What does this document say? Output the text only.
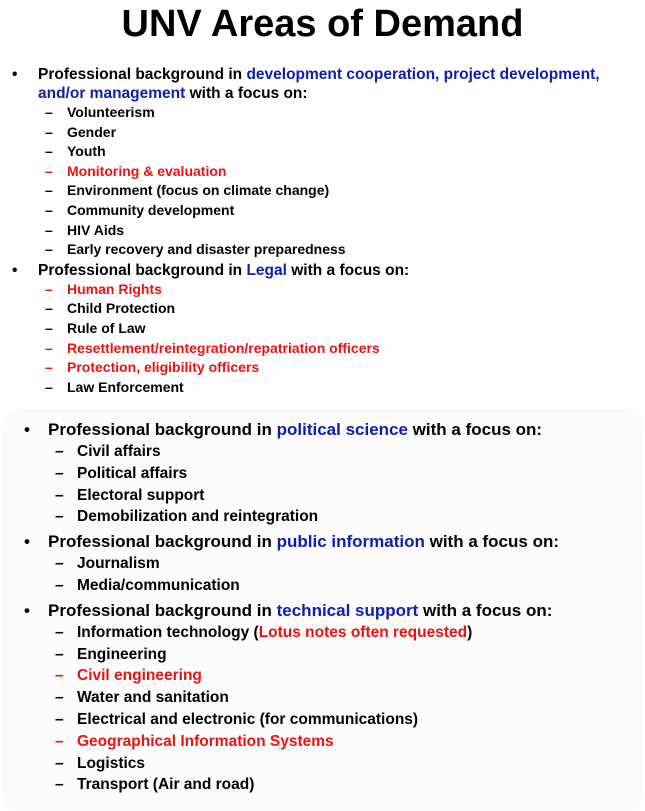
UNV Areas of Demand
• Professional background in development cooperation, project development, and/or management with a focus on:
– Volunteerism
– Gender
– Youth
– Monitoring & evaluation
– Environment (focus on climate change)
– Community development
– HIV Aids
– Early recovery and disaster preparedness
• Professional background in Legal with a focus on:
– Human Rights
– Child Protection
– Rule of Law
– Resettlement/reintegration/repatriation officers
– Protection, eligibility officers
– Law Enforcement
• Professional background in political science with a focus on:
– Civil affairs
– Political affairs
– Electoral support
– Demobilization and reintegration
• Professional background in public information with a focus on:
– Journalism
– Media/communication
• Professional background in technical support with a focus on:
– Information technology (Lotus notes often requested)
– Engineering
– Civil engineering
– Water and sanitation
– Electrical and electronic (for communications)
– Geographical Information Systems
– Logistics
– Transport (Air and road)
